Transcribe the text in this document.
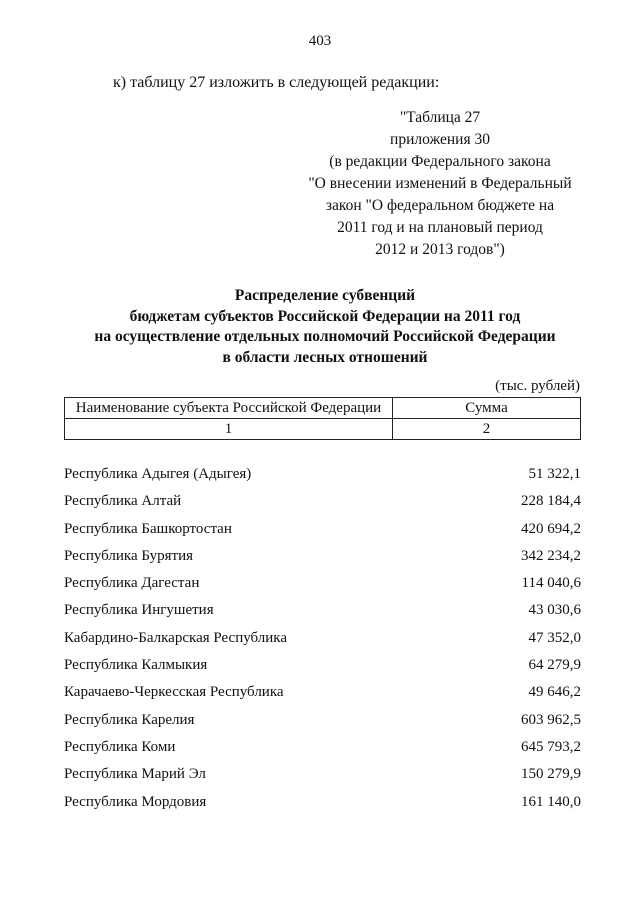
403
к) таблицу 27 изложить в следующей редакции:
"Таблица 27
приложения 30
(в редакции Федерального закона
"О внесении изменений в Федеральный
закон "О федеральном бюджете на
2011 год и на плановый период
2012 и 2013 годов")
Распределение субвенций
бюджетам субъектов Российской Федерации на 2011 год
на осуществление отдельных полномочий Российской Федерации
в области лесных отношений
(тыс. рублей)
Наименование субъекта Российской Федерации	Сумма
1	2
Республика Адыгея (Адыгея)	51 322,1
Республика Алтай	228 184,4
Республика Башкортостан	420 694,2
Республика Бурятия	342 234,2
Республика Дагестан	114 040,6
Республика Ингушетия	43 030,6
Кабардино-Балкарская Республика	47 352,0
Республика Калмыкия	64 279,9
Карачаево-Черкесская Республика	49 646,2
Республика Карелия	603 962,5
Республика Коми	645 793,2
Республика Марий Эл	150 279,9
Республика Мордовия	161 140,0
